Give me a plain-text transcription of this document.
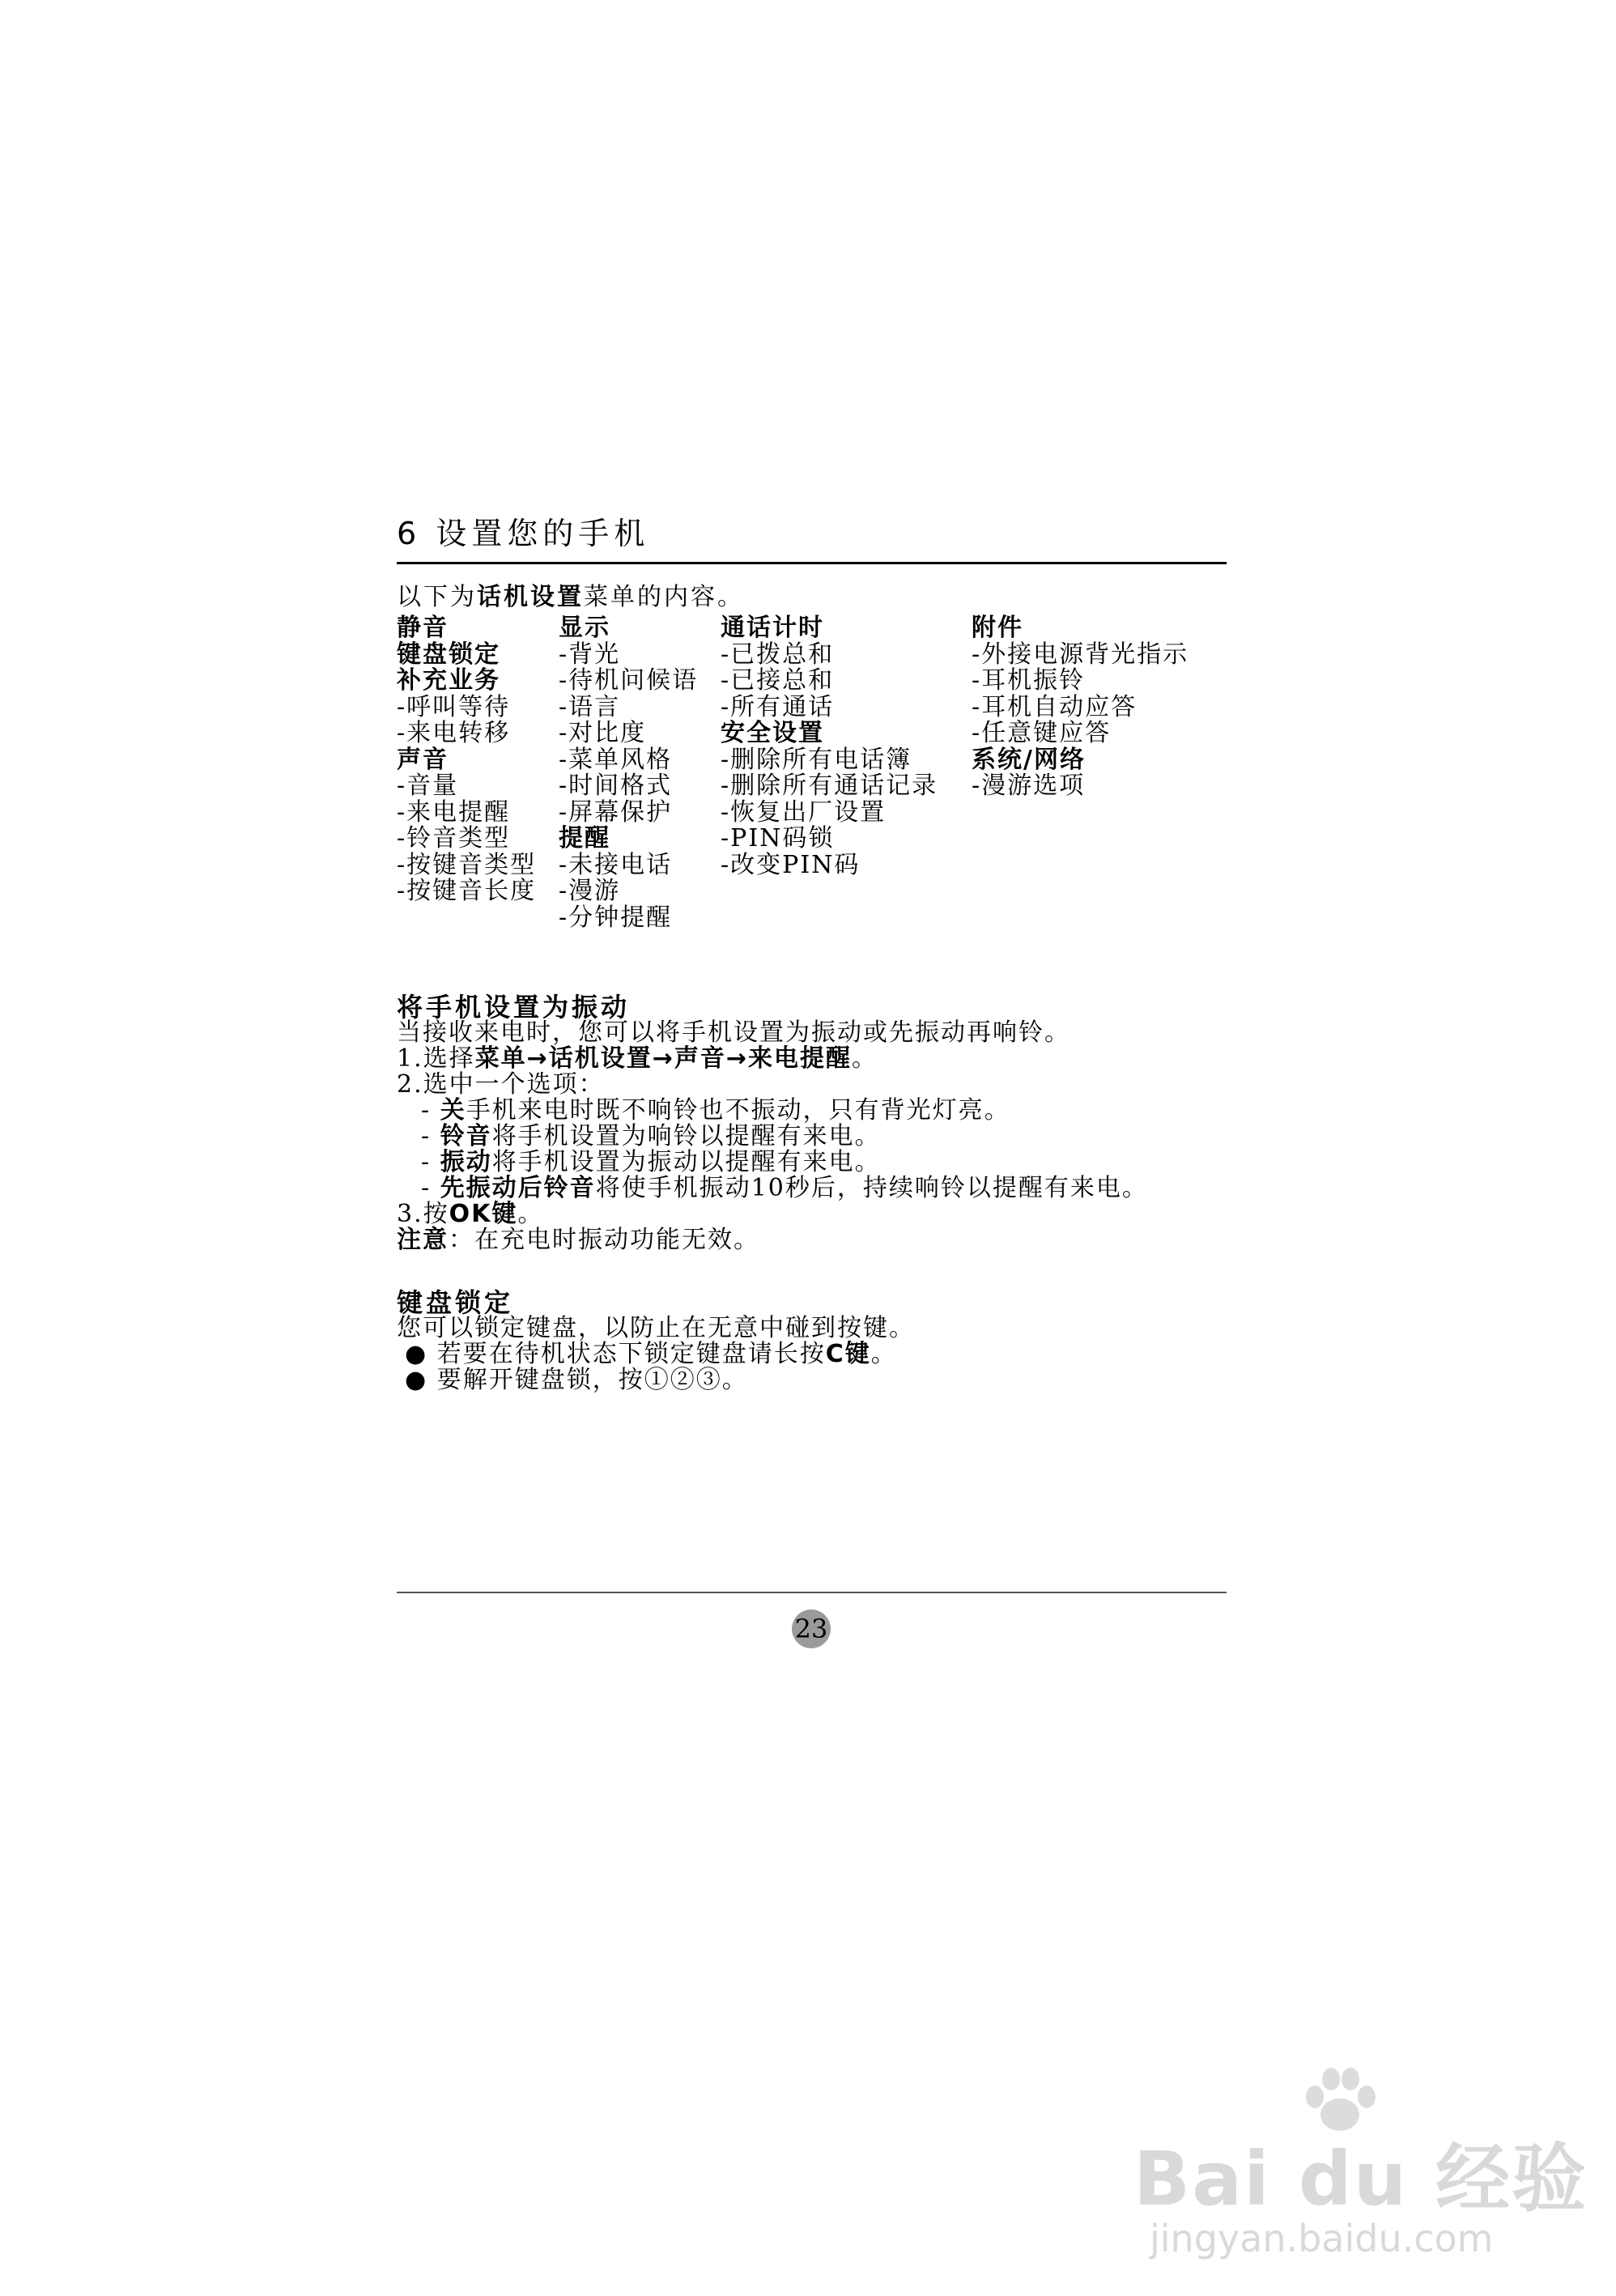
6 设置您的手机
以下为话机设置菜单的内容。
静音
键盘锁定
补充业务
-呼叫等待
-来电转移
声音
-音量
-来电提醒
-铃音类型
-按键音类型
-按键音长度
显示
-背光
-待机问候语
-语言
-对比度
-菜单风格
-时间格式
-屏幕保护
提醒
-未接电话
-漫游
-分钟提醒
通话计时
-已拨总和
-已接总和
-所有通话
安全设置
-删除所有电话簿
-删除所有通话记录
-恢复出厂设置
-PIN码锁
-改变PIN码
附件
-外接电源背光指示
-耳机振铃
-耳机自动应答
-任意键应答
系统/网络
-漫游选项
将手机设置为振动
当接收来电时，您可以将手机设置为振动或先振动再响铃。
1.选择菜单→话机设置→声音→来电提醒。
2.选中一个选项：
- 关手机来电时既不响铃也不振动，只有背光灯亮。
- 铃音将手机设置为响铃以提醒有来电。
- 振动将手机设置为振动以提醒有来电。
- 先振动后铃音将使手机振动10秒后，持续响铃以提醒有来电。
3.按OK键。
注意：在充电时振动功能无效。
键盘锁定
您可以锁定键盘，以防止在无意中碰到按键。
● 若要在待机状态下锁定键盘请长按C键。
● 要解开键盘锁，按①②③。
23
Bai du 经验
jingyan.baidu.com
